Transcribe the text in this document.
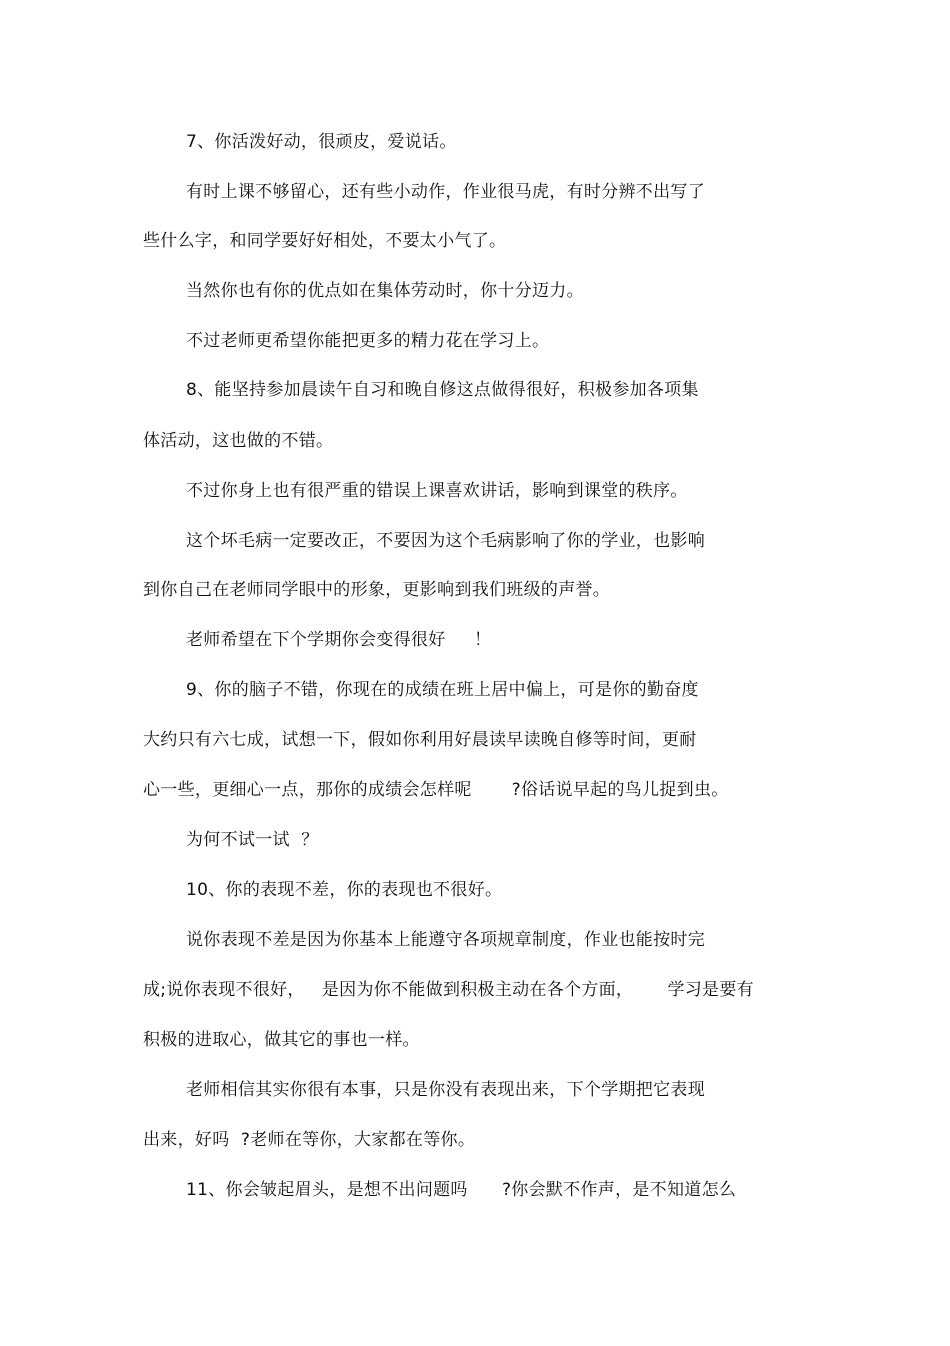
7、你活泼好动，很顽皮，爱说话。
有时上课不够留心，还有些小动作，作业很马虎，有时分辨不出写了
些什么字，和同学要好好相处，不要太小气了。
当然你也有你的优点如在集体劳动时，你十分迈力。
不过老师更希望你能把更多的精力花在学习上。
8、能坚持参加晨读午自习和晚自修这点做得很好，积极参加各项集
体活动，这也做的不错。
不过你身上也有很严重的错误上课喜欢讲话，影响到课堂的秩序。
这个坏毛病一定要改正，不要因为这个毛病影响了你的学业，也影响
到你自己在老师同学眼中的形象，更影响到我们班级的声誉。
老师希望在下个学期你会变得很好     ！
9、你的脑子不错，你现在的成绩在班上居中偏上，可是你的勤奋度
大约只有六七成，试想一下，假如你利用好晨读早读晚自修等时间，更耐
心一些，更细心一点，那你的成绩会怎样呢       ?俗话说早起的鸟儿捉到虫。
为何不试一试  ？
10、你的表现不差，你的表现也不很好。
说你表现不差是因为你基本上能遵守各项规章制度，作业也能按时完
成;说你表现不很好，   是因为你不能做到积极主动在各个方面，      学习是要有
积极的进取心，做其它的事也一样。
老师相信其实你很有本事，只是你没有表现出来，下个学期把它表现
出来，好吗  ?老师在等你，大家都在等你。
11、你会皱起眉头，是想不出问题吗      ?你会默不作声，是不知道怎么
